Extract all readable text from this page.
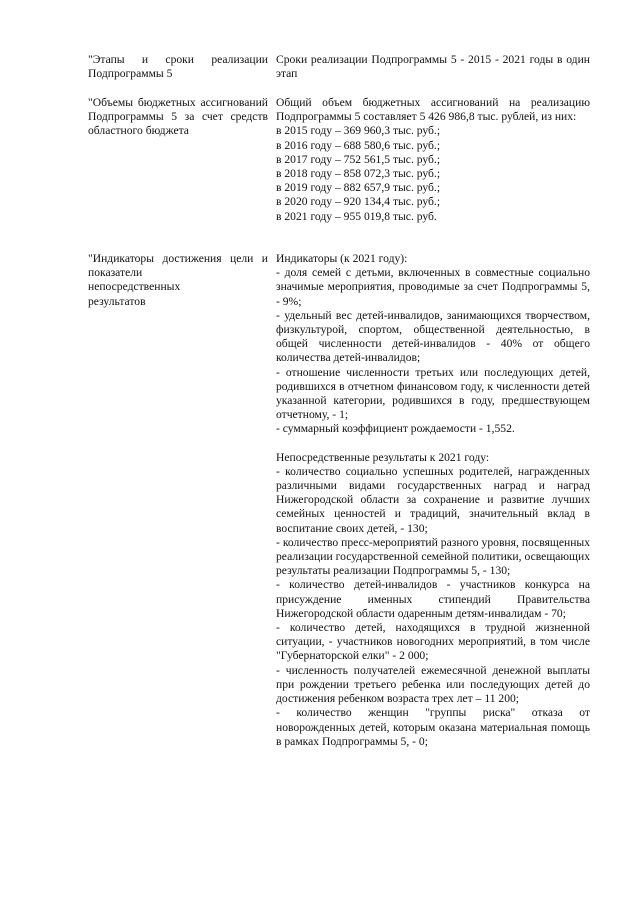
"Этапы и сроки реализации Подпрограммы 5

Сроки реализации Подпрограммы 5 - 2015 - 2021 годы в один этап

"Объемы бюджетных ассигнований Подпрограммы 5 за счет средств областного бюджета

Общий объем бюджетных ассигнований на реализацию Подпрограммы 5 составляет 5 426 986,8 тыс. рублей, из них:

в 2015 году – 369 960,3 тыс. руб.;

в 2016 году – 688 580,6 тыс. руб.;

в 2017 году – 752 561,5 тыс. руб.;

в 2018 году – 858 072,3 тыс. руб.;

в 2019 году – 882 657,9 тыс. руб.;

в 2020 году – 920 134,4 тыс. руб.;

в 2021 году – 955 019,8 тыс. руб.

"Индикаторы достижения цели и показатели

непосредственных

результатов

Индикаторы (к 2021 году):

- доля семей с детьми, включенных в совместные социально значимые мероприятия, проводимые за счет Подпрограммы 5, - 9%;

- удельный вес детей-инвалидов, занимающихся творчеством, физкультурой, спортом, общественной деятельностью, в общей численности детей-инвалидов - 40% от общего количества детей-инвалидов;

- отношение численности третьих или последующих детей, родившихся в отчетном финансовом году, к численности детей указанной категории, родившихся в году, предшествующем отчетному, - 1;

- суммарный коэффициент рождаемости - 1,552.

Непосредственные результаты к 2021 году:

- количество социально успешных родителей, награжденных различными видами государственных наград и наград Нижегородской области за сохранение и развитие лучших семейных ценностей и традиций, значительный вклад в воспитание своих детей, - 130;

- количество пресс-мероприятий разного уровня, посвященных реализации государственной семейной политики, освещающих результаты реализации Подпрограммы 5, - 130;

- количество детей-инвалидов - участников конкурса на присуждение именных стипендий Правительства Нижегородской области одаренным детям-инвалидам - 70;

- количество детей, находящихся в трудной жизненной ситуации, - участников новогодних мероприятий, в том числе "Губернаторской елки" - 2 000;

- численность получателей ежемесячной денежной выплаты при рождении третьего ребенка или последующих детей до достижения ребенком возраста трех лет – 11 200;

- количество женщин "группы риска" отказа от новорожденных детей, которым оказана материальная помощь в рамках Подпрограммы 5, - 0;
